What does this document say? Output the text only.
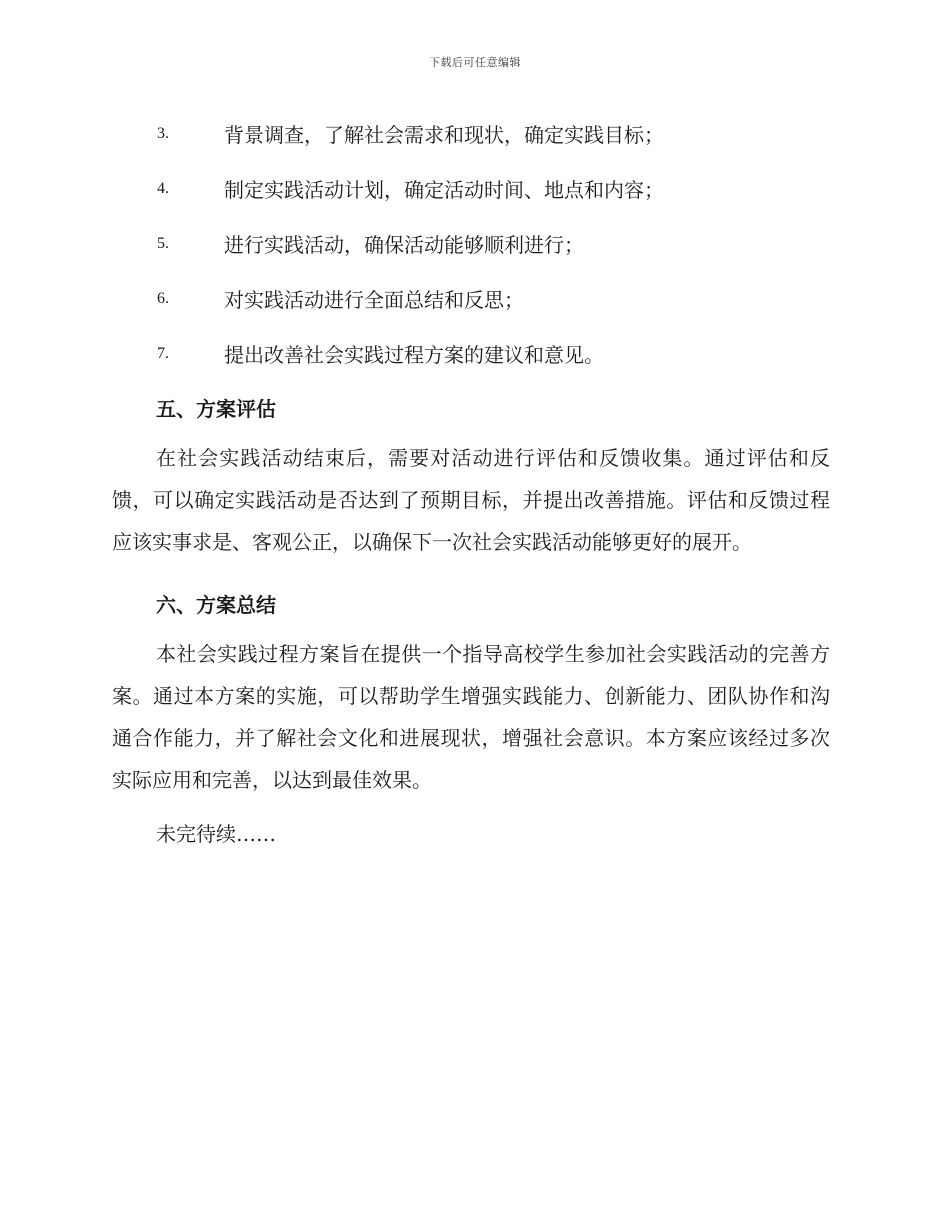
下载后可任意编辑
3.	背景调查，了解社会需求和现状，确定实践目标；
4.	制定实践活动计划，确定活动时间、地点和内容；
5.	进行实践活动，确保活动能够顺利进行；
6.	对实践活动进行全面总结和反思；
7.	提出改善社会实践过程方案的建议和意见。
五、方案评估

在社会实践活动结束后，需要对活动进行评估和反馈收集。通过评估和反馈，可以确定实践活动是否达到了预期目标，并提出改善措施。评估和反馈过程应该实事求是、客观公正，以确保下一次社会实践活动能够更好的展开。

六、方案总结

本社会实践过程方案旨在提供一个指导高校学生参加社会实践活动的完善方案。通过本方案的实施，可以帮助学生增强实践能力、创新能力、团队协作和沟通合作能力，并了解社会文化和进展现状，增强社会意识。本方案应该经过多次实际应用和完善，以达到最佳效果。

未完待续……
